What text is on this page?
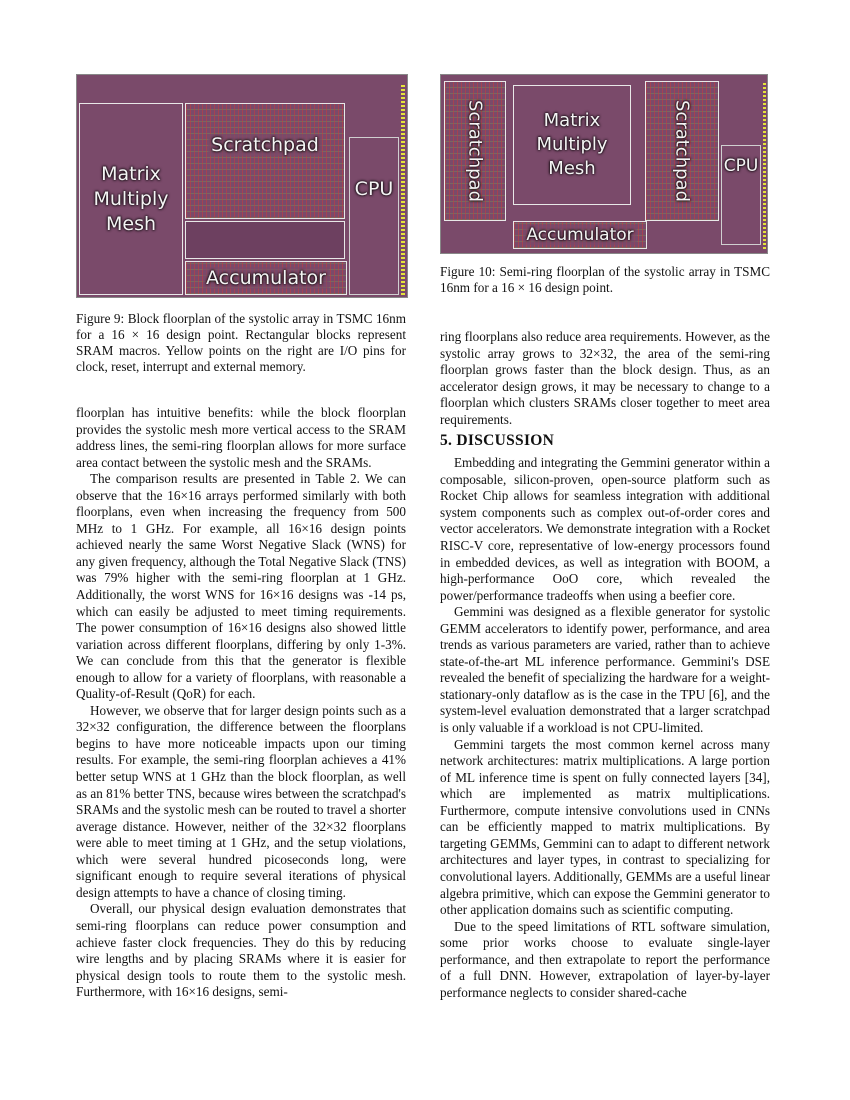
Matrix Multiply Mesh
Scratchpad
Accumulator
CPU	Scratchpad	Matrix Multiply Mesh	Scratchpad CPU
Accumulator
Figure 10: Semi-ring floorplan of the systolic array in TSMC 16nm for a 16 × 16 design point.
Figure 9: Block floorplan of the systolic array in TSMC 16nm for a 16 × 16 design point. Rectangular blocks represent SRAM macros. Yellow points on the right are I/O pins for clock, reset, interrupt and external memory.

floorplan has intuitive benefits: while the block floorplan provides the systolic mesh more vertical access to the SRAM address lines, the semi-ring floorplan allows for more surface area contact between the systolic mesh and the SRAMs.

The comparison results are presented in Table 2. We can observe that the 16×16 arrays performed similarly with both floorplans, even when increasing the frequency from 500 MHz to 1 GHz. For example, all 16×16 design points achieved nearly the same Worst Negative Slack (WNS) for any given frequency, although the Total Negative Slack (TNS) was 79% higher with the semi-ring floorplan at 1 GHz. Additionally, the worst WNS for 16×16 designs was -14 ps, which can easily be adjusted to meet timing requirements. The power consumption of 16×16 designs also showed little variation across different floorplans, differing by only 1-3%. We can conclude from this that the generator is flexible enough to allow for a variety of floorplans, with reasonable a Quality-of-Result (QoR) for each.

However, we observe that for larger design points such as a 32×32 configuration, the difference between the floorplans begins to have more noticeable impacts upon our timing results. For example, the semi-ring floorplan achieves a 41% better setup WNS at 1 GHz than the block floorplan, as well as an 81% better TNS, because wires between the scratchpad's SRAMs and the systolic mesh can be routed to travel a shorter average distance. However, neither of the 32×32 floorplans were able to meet timing at 1 GHz, and the setup violations, which were several hundred picoseconds long, were significant enough to require several iterations of physical design attempts to have a chance of closing timing.

Overall, our physical design evaluation demonstrates that semi-ring floorplans can reduce power consumption and achieve faster clock frequencies. They do this by reducing wire lengths and by placing SRAMs where it is easier for physical design tools to route them to the systolic mesh. Furthermore, with 16×16 designs, semi-

ring floorplans also reduce area requirements. However, as the systolic array grows to 32×32, the area of the semi-ring floorplan grows faster than the block design. Thus, as an accelerator design grows, it may be necessary to change to a floorplan which clusters SRAMs closer together to meet area requirements.

5. DISCUSSION

Embedding and integrating the Gemmini generator within a composable, silicon-proven, open-source platform such as Rocket Chip allows for seamless integration with additional system components such as complex out-of-order cores and vector accelerators. We demonstrate integration with a Rocket RISC-V core, representative of low-energy processors found in embedded devices, as well as integration with BOOM, a high-performance OoO core, which revealed the power/performance tradeoffs when using a beefier core.

Gemmini was designed as a flexible generator for systolic GEMM accelerators to identify power, performance, and area trends as various parameters are varied, rather than to achieve state-of-the-art ML inference performance. Gemmini's DSE revealed the benefit of specializing the hardware for a weight-stationary-only dataflow as is the case in the TPU [6], and the system-level evaluation demonstrated that a larger scratchpad is only valuable if a workload is not CPU-limited.

Gemmini targets the most common kernel across many network architectures: matrix multiplications. A large portion of ML inference time is spent on fully connected layers [34], which are implemented as matrix multiplications. Furthermore, compute intensive convolutions used in CNNs can be efficiently mapped to matrix multiplications. By targeting GEMMs, Gemmini can to adapt to different network architectures and layer types, in contrast to specializing for convolutional layers. Additionally, GEMMs are a useful linear algebra primitive, which can expose the Gemmini generator to other application domains such as scientific computing.

Due to the speed limitations of RTL software simulation, some prior works choose to evaluate single-layer performance, and then extrapolate to report the performance of a full DNN. However, extrapolation of layer-by-layer performance neglects to consider shared-cache
